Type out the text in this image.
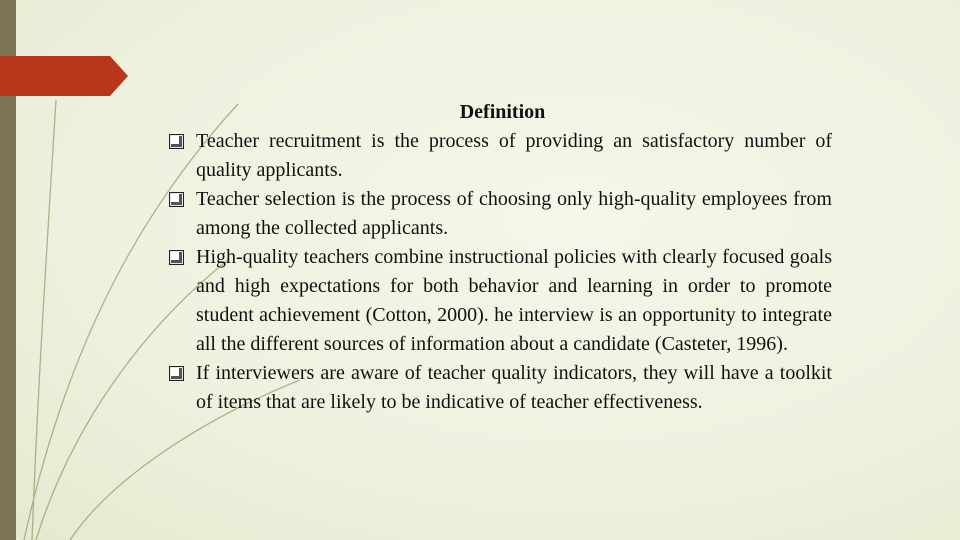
Definition
Teacher recruitment is the process of providing an satisfactory number of quality applicants.
Teacher selection is the process of choosing only high-quality employees from among the collected applicants.
High-quality teachers combine instructional policies with clearly focused goals and high expectations for both behavior and learning in order to promote student achievement (Cotton, 2000). he interview is an opportunity to integrate all the different sources of information about a candidate (Casteter, 1996).
If interviewers are aware of teacher quality indicators, they will have a toolkit of items that are likely to be indicative of teacher effectiveness.
